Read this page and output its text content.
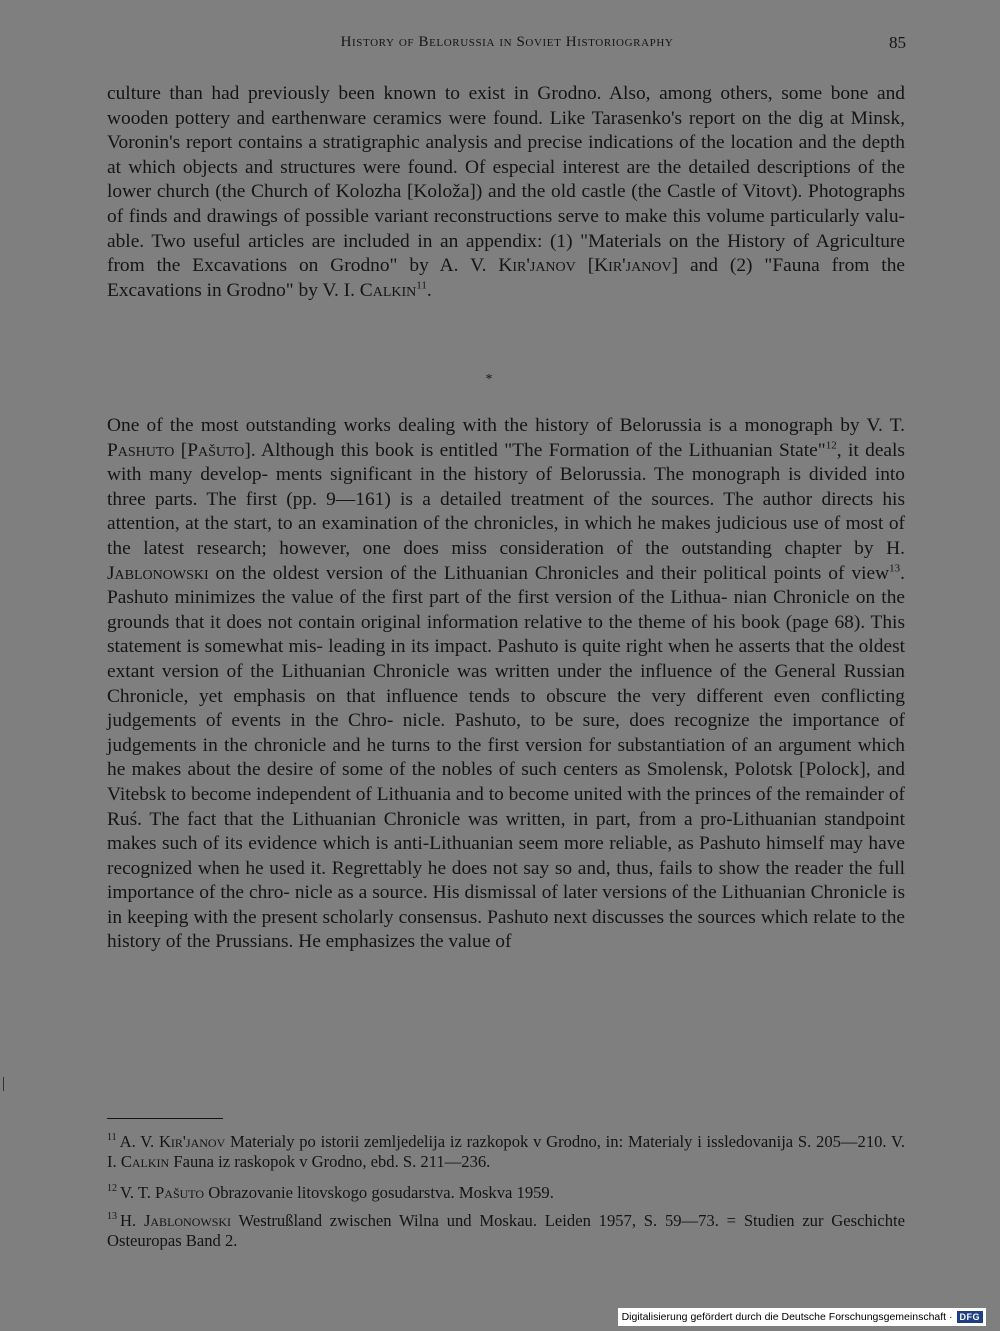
History of Belorussia in Soviet Historiography	85
culture than had previously been known to exist in Grodno. Also, among others, some bone and wooden pottery and earthenware ceramics were found. Like Tarasenko's report on the dig at Minsk, Voronin's report contains a stratigraphic analysis and precise indications of the location and the depth at which objects and structures were found. Of especial interest are the detailed descriptions of the lower church (the Church of Kolozha [Koloža]) and the old castle (the Castle of Vitovt). Photographs of finds and drawings of possible variant reconstructions serve to make this volume particularly valu- able. Two useful articles are included in an appendix: (1) "Materials on the History of Agriculture from the Excavations on Grodno" by A. V. Kir'janov [Kir'janov] and (2) "Fauna from the Excavations in Grodno" by V. I. Calkin$^{11}$.
*
One of the most outstanding works dealing with the history of Belorussia is a monograph by V. T. Pashuto [Pašuto]. Although this book is entitled "The Formation of the Lithuanian State"$^{12}$, it deals with many develop- ments significant in the history of Belorussia. The monograph is divided into three parts. The first (pp. 9—161) is a detailed treatment of the sources. The author directs his attention, at the start, to an examination of the chronicles, in which he makes judicious use of most of the latest research; however, one does miss consideration of the outstanding chapter by H. Jablonowski on the oldest version of the Lithuanian Chronicles and their political points of view$^{13}$. Pashuto minimizes the value of the first part of the first version of the Lithua- nian Chronicle on the grounds that it does not contain original information relative to the theme of his book (page 68). This statement is somewhat mis- leading in its impact. Pashuto is quite right when he asserts that the oldest extant version of the Lithuanian Chronicle was written under the influence of the General Russian Chronicle, yet emphasis on that influence tends to obscure the very different even conflicting judgements of events in the Chro- nicle. Pashuto, to be sure, does recognize the importance of judgements in the chronicle and he turns to the first version for substantiation of an argument which he makes about the desire of some of the nobles of such centers as Smolensk, Polotsk [Polock], and Vitebsk to become independent of Lithuania and to become united with the princes of the remainder of Ruś. The fact that the Lithuanian Chronicle was written, in part, from a pro-Lithuanian standpoint makes such of its evidence which is anti-Lithuanian seem more reliable, as Pashuto himself may have recognized when he used it. Regrettably he does not say so and, thus, fails to show the reader the full importance of the chro- nicle as a source. His dismissal of later versions of the Lithuanian Chronicle is in keeping with the present scholarly consensus. Pashuto next discusses the sources which relate to the history of the Prussians. He emphasizes the value of
$^{11}$ A. V. Kir'janov Materialy po istorii zemljedelija iz razkopok v Grodno, in: Materialy i issledovanija S. 205—210. V. I. Calkin Fauna iz raskopok v Grodno, ebd. S. 211—236.
$^{12}$ V. T. Pašuto Obrazovanie litovskogo gosudarstva. Moskva 1959.
$^{13}$ H. Jablonowski Westrußland zwischen Wilna und Moskau. Leiden 1957, S. 59—73. = Studien zur Geschichte Osteuropas Band 2.
Digitalisierung gefördert durch die Deutsche Forschungsgemeinschaft · DFG
